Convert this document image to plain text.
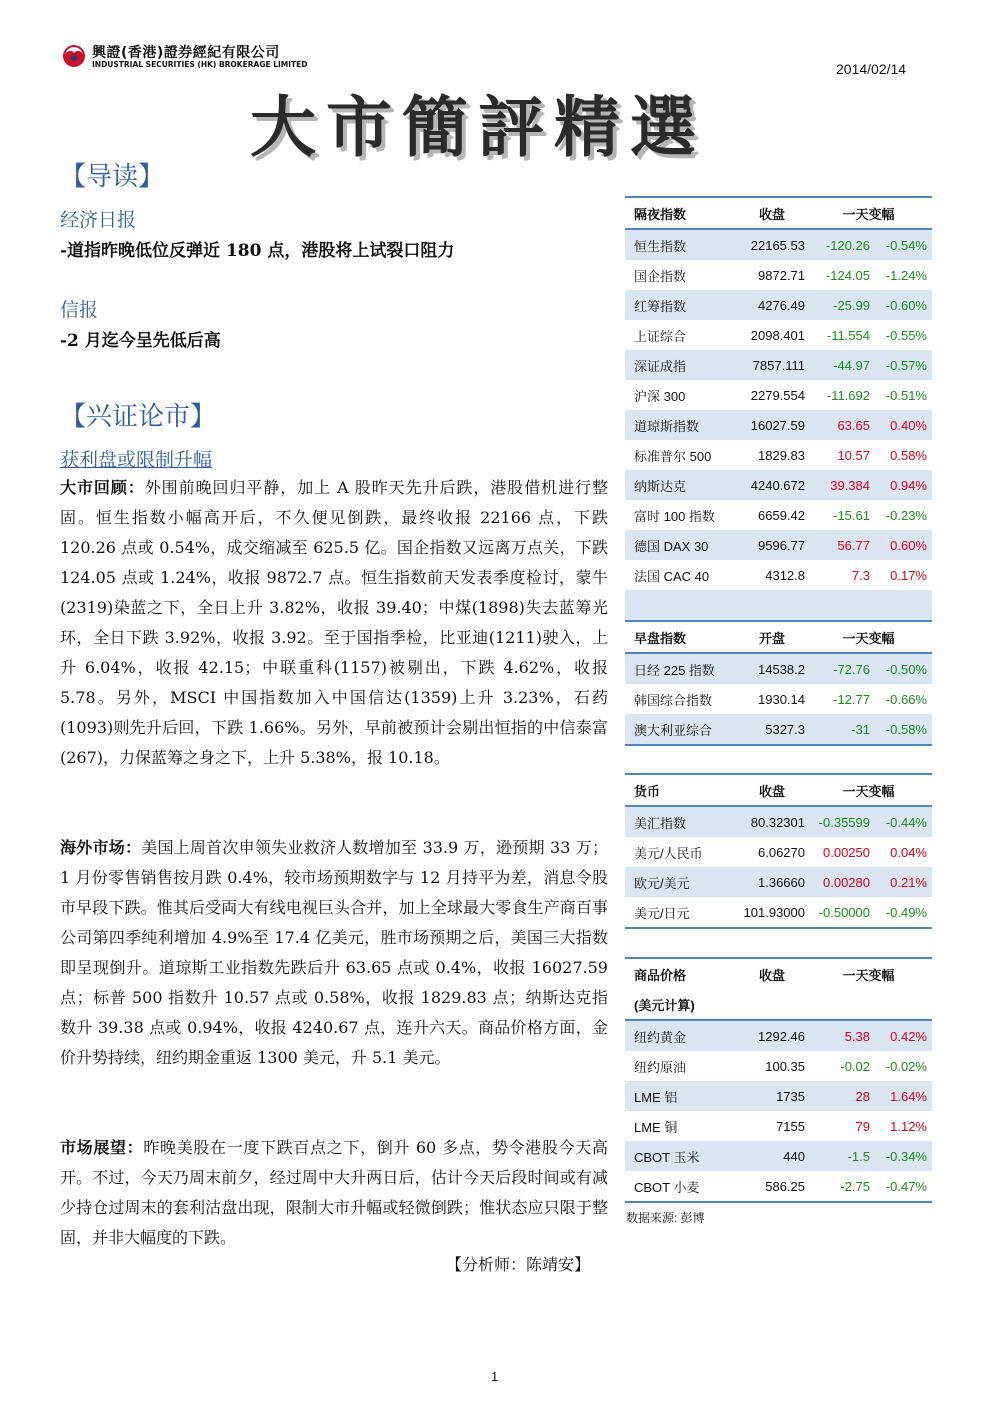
興證(香港)證券經紀有限公司
INDUSTRIAL SECURITIES (HK) BROKERAGE LIMITED	2014/02/14
大市簡評精選
【导读】
经济日报
-道指昨晚低位反弹近 180 点，港股将上试裂口阻力
信报
-2 月迄今呈先低后高
【兴证论市】
获利盘或限制升幅
大市回顾：外围前晚回归平静，加上 A 股昨天先升后跌，港股借机进行整固。恒生指数小幅高开后，不久便见倒跌，最终收报 22166 点，下跌 120.26 点或 0.54%，成交缩减至 625.5 亿。国企指数又远离万点关，下跌 124.05 点或 1.24%，收报 9872.7 点。恒生指数前天发表季度检讨，蒙牛(2319)染蓝之下，全日上升 3.82%，收报 39.40；中煤(1898)失去蓝筹光环，全日下跌 3.92%，收报 3.92。至于国指季检，比亚迪(1211)驶入，上升 6.04%，收报 42.15；中联重科(1157)被剔出，下跌 4.62%，收报 5.78。另外，MSCI 中国指数加入中国信达(1359)上升 3.23%，石药(1093)则先升后回，下跌 1.66%。另外，早前被预计会剔出恒指的中信泰富(267)，力保蓝筹之身之下，上升 5.38%，报 10.18。
海外市场：美国上周首次申领失业救济人数增加至 33.9 万，逊预期 33 万；1 月份零售销售按月跌 0.4%，较市场预期数字与 12 月持平为差，消息令股市早段下跌。惟其后受両大有线电视巨头合并，加上全球最大零食生产商百事公司第四季纯利增加 4.9%至 17.4 亿美元，胜市场预期之后，美国三大指数即呈现倒升。道琼斯工业指数先跌后升 63.65 点或 0.4%，收报 16027.59 点；标普 500 指数升 10.57 点或 0.58%，收报 1829.83 点；纳斯达克指数升 39.38 点或 0.94%，收报 4240.67 点，连升六天。商品价格方面，金价升势持续，纽约期金重返 1300 美元，升 5.1 美元。
市场展望：昨晚美股在一度下跌百点之下，倒升 60 多点，势令港股今天高开。不过，今天乃周末前夕，经过周中大升两日后，估计今天后段时间或有减少持仓过周末的套利沽盘出现，限制大市升幅或轻微倒跌；惟状态应只限于整固，并非大幅度的下跌。
【分析师：陈靖安】
隔夜指数	收盘	一天变幅	
恒生指数	22165.53	-120.26	-0.54%
国企指数	9872.71	-124.05	-1.24%
红筹指数	4276.49	-25.99	-0.60%
上证综合	2098.401	-11.554	-0.55%
深证成指	7857.111	-44.97	-0.57%
沪深 300	2279.554	-11.692	-0.51%
道琼斯指数	16027.59	63.65	0.40%
标准普尔 500	1829.83	10.57	0.58%
纳斯达克	4240.672	39.384	0.94%
富时 100 指数	6659.42	-15.61	-0.23%
德国 DAX 30	9596.77	56.77	0.60%
法国 CAC 40	4312.8	7.3	0.17%

早盘指数	开盘	一天变幅	
日经 225 指数	14538.2	-72.76	-0.50%
韩国综合指数	1930.14	-12.77	-0.66%
澳大利亚综合	5327.3	-31	-0.58%
货币	收盘	一天变幅	
美汇指数	80.32301	-0.35599	-0.44%
美元/人民币	6.06270	0.00250	0.04%
欧元/美元	1.36660	0.00280	0.21%
美元/日元	101.93000	-0.50000	-0.49%
商品价格	收盘	一天变幅	
(美元计算)			
纽约黄金	1292.46	5.38	0.42%
纽约原油	100.35	-0.02	-0.02%
LME 铝	1735	28	1.64%
LME 铜	7155	79	1.12%
CBOT 玉米	440	-1.5	-0.34%
CBOT 小麦	586.25	-2.75	-0.47%
数据来源: 彭博
1
